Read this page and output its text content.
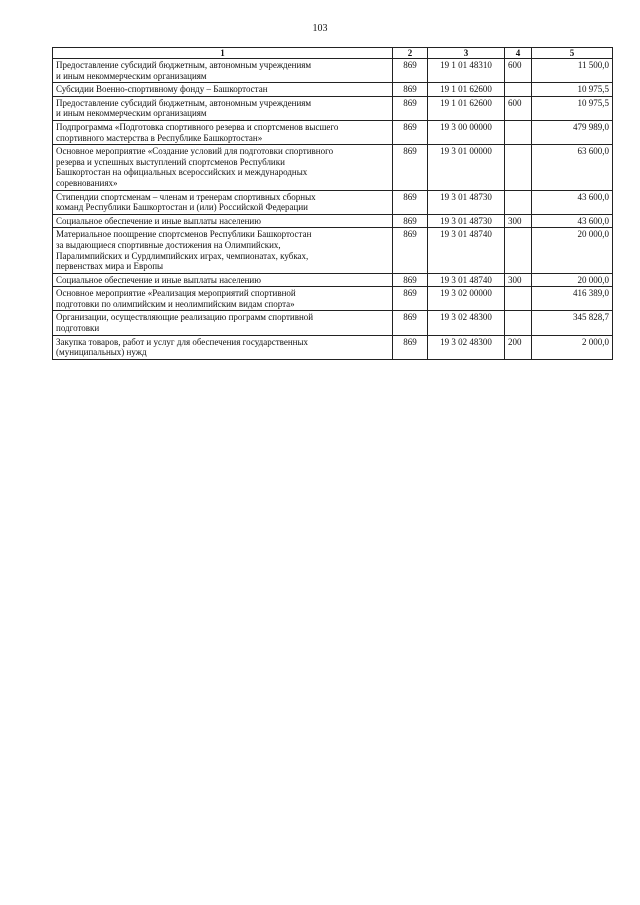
103
1	2	3	4	5
Предоставление субсидий бюджетным, автономным учреждениям
и иным некоммерческим организациям	869	19 1 01 48310	600	11 500,0
Субсидии Военно-спортивному фонду – Башкортостан	869	19 1 01 62600		10 975,5
Предоставление субсидий бюджетным, автономным учреждениям
и иным некоммерческим организациям	869	19 1 01 62600	600	10 975,5
Подпрограмма «Подготовка спортивного резерва и спортсменов высшего
спортивного мастерства в Республике Башкортостан»	869	19 3 00 00000		479 989,0
Основное мероприятие «Создание условий для подготовки спортивного
резерва и успешных выступлений спортсменов Республики
Башкортостан на официальных всероссийских и международных
соревнованиях»	869	19 3 01 00000		63 600,0
Стипендии спортсменам – членам и тренерам спортивных сборных
команд Республики Башкортостан и (или) Российской Федерации	869	19 3 01 48730		43 600,0
Социальное обеспечение и иные выплаты населению	869	19 3 01 48730	300	43 600,0
Материальное поощрение спортсменов Республики Башкортостан
за выдающиеся спортивные достижения на Олимпийских,
Паралимпийских и Сурдлимпийских играх, чемпионатах, кубках,
первенствах мира и Европы	869	19 3 01 48740		20 000,0
Социальное обеспечение и иные выплаты населению	869	19 3 01 48740	300	20 000,0
Основное мероприятие «Реализация мероприятий спортивной
подготовки по олимпийским и неолимпийским видам спорта»	869	19 3 02 00000		416 389,0
Организации, осуществляющие реализацию программ спортивной
подготовки	869	19 3 02 48300		345 828,7
Закупка товаров, работ и услуг для обеспечения государственных
(муниципальных) нужд	869	19 3 02 48300	200	2 000,0
